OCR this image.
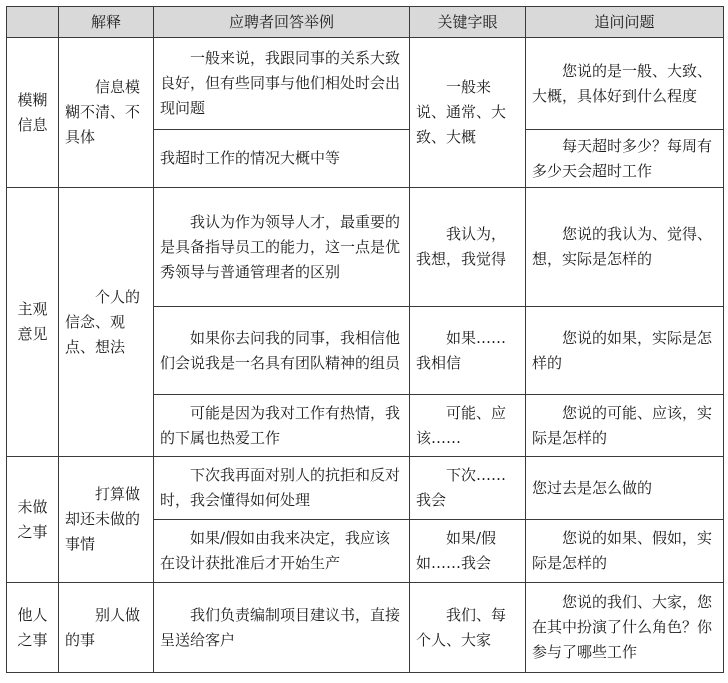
	解释	应聘者回答举例	关键字眼	追问问题
模糊信息	信息模糊不清、不具体	一般来说，我跟同事的关系大致良好，但有些同事与他们相处时会出现问题	一般来说、通常、大致、大概	您说的是一般、大致、大概，具体好到什么程度
		我超时工作的情况大概中等		每天超时多少？每周有多少天会超时工作
主观意见	个人的信念、观点、想法	我认为作为领导人才，最重要的是具备指导员工的能力，这一点是优秀领导与普通管理者的区别	我认为，我想，我觉得	您说的我认为、觉得、想，实际是怎样的
		如果你去问我的同事，我相信他们会说我是一名具有团队精神的组员	如果……我相信	您说的如果，实际是怎样的
		可能是因为我对工作有热情，我的下属也热爱工作	可能、应该……	您说的可能、应该，实际是怎样的
未做之事	打算做却还未做的事情	下次我再面对别人的抗拒和反对时，我会懂得如何处理	下次……我会	您过去是怎么做的
		如果/假如由我来决定，我应该在设计获批准后才开始生产	如果/假如……我会	您说的如果、假如，实际是怎样的
他人之事	别人做的事	我们负责编制项目建议书，直接呈送给客户	我们、每个人、大家	您说的我们、大家，您在其中扮演了什么角色？你参与了哪些工作
